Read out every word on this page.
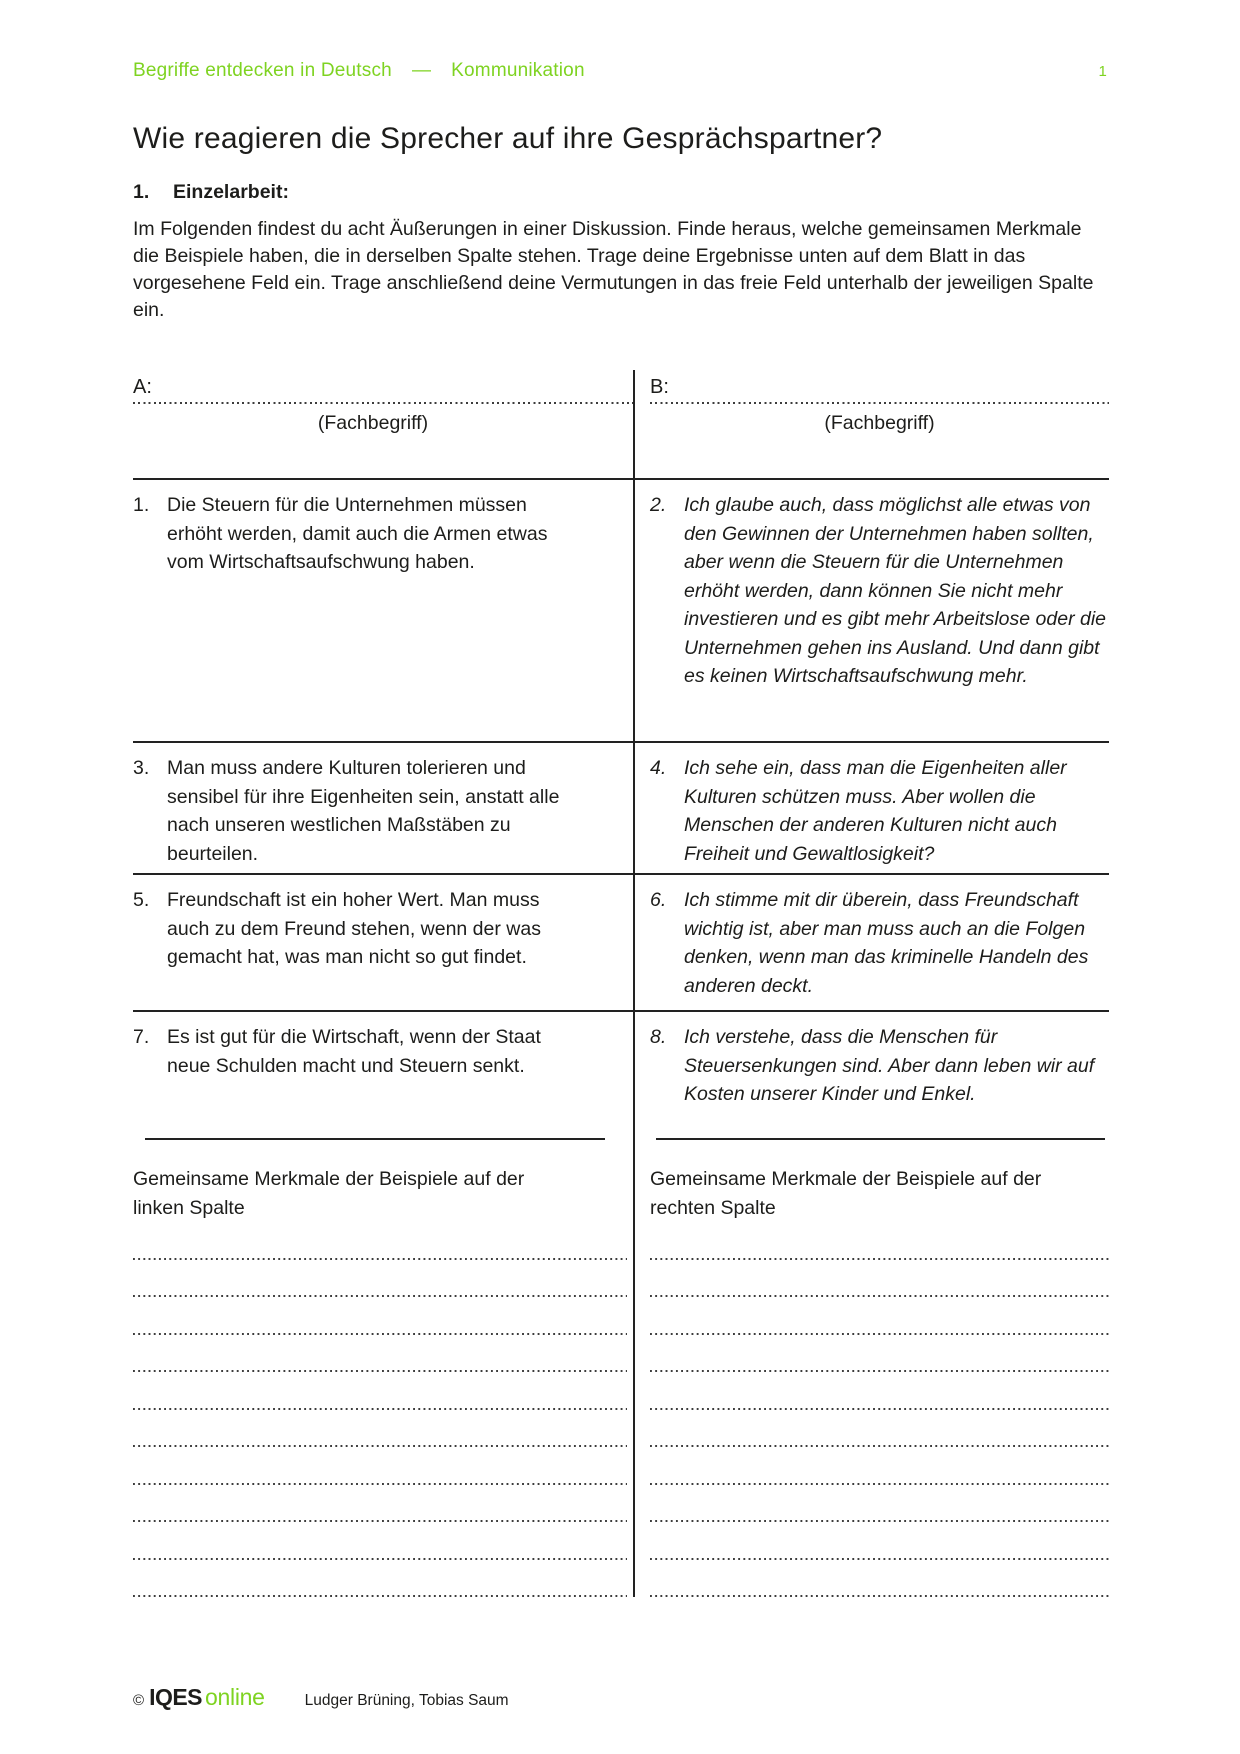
Begriffe entdecken in Deutsch — Kommunikation	1
Wie reagieren die Sprecher auf ihre Gesprächspartner?
1. Einzelarbeit:

Im Folgenden findest du acht Äußerungen in einer Diskussion. Finde heraus, welche gemeinsamen Merkmale die Beispiele haben, die in derselben Spalte stehen. Trage deine Ergebnisse unten auf dem Blatt in das vorgesehene Feld ein. Trage anschließend deine Vermutungen in das freie Feld unterhalb der jeweiligen Spalte ein.

A:
(Fachbegriff)
B:
(Fachbegriff)
1. Die Steuern für die Unternehmen müssen erhöht werden, damit auch die Armen etwas vom Wirtschaftsaufschwung haben.
2. Ich glaube auch, dass möglichst alle etwas von den Gewinnen der Unternehmen haben sollten, aber wenn die Steuern für die Unternehmen erhöht werden, dann können Sie nicht mehr investieren und es gibt mehr Arbeitslose oder die Unternehmen gehen ins Ausland. Und dann gibt es keinen Wirtschaftsaufschwung mehr.
3. Man muss andere Kulturen tolerieren und sensibel für ihre Eigenheiten sein, anstatt alle nach unseren westlichen Maßstäben zu beurteilen.
4. Ich sehe ein, dass man die Eigenheiten aller Kulturen schützen muss. Aber wollen die Menschen der anderen Kulturen nicht auch Freiheit und Gewaltlosigkeit?
5. Freundschaft ist ein hoher Wert. Man muss auch zu dem Freund stehen, wenn der was gemacht hat, was man nicht so gut findet.
6. Ich stimme mit dir überein, dass Freundschaft wichtig ist, aber man muss auch an die Folgen denken, wenn man das kriminelle Handeln des anderen deckt.
7. Es ist gut für die Wirtschaft, wenn der Staat neue Schulden macht und Steuern senkt.
8. Ich verstehe, dass die Menschen für Steuersenkungen sind. Aber dann leben wir auf Kosten unserer Kinder und Enkel.
Gemeinsame Merkmale der Beispiele auf der linken Spalte
Gemeinsame Merkmale der Beispiele auf der rechten Spalte
© IQES online	Ludger Brüning, Tobias Saum
